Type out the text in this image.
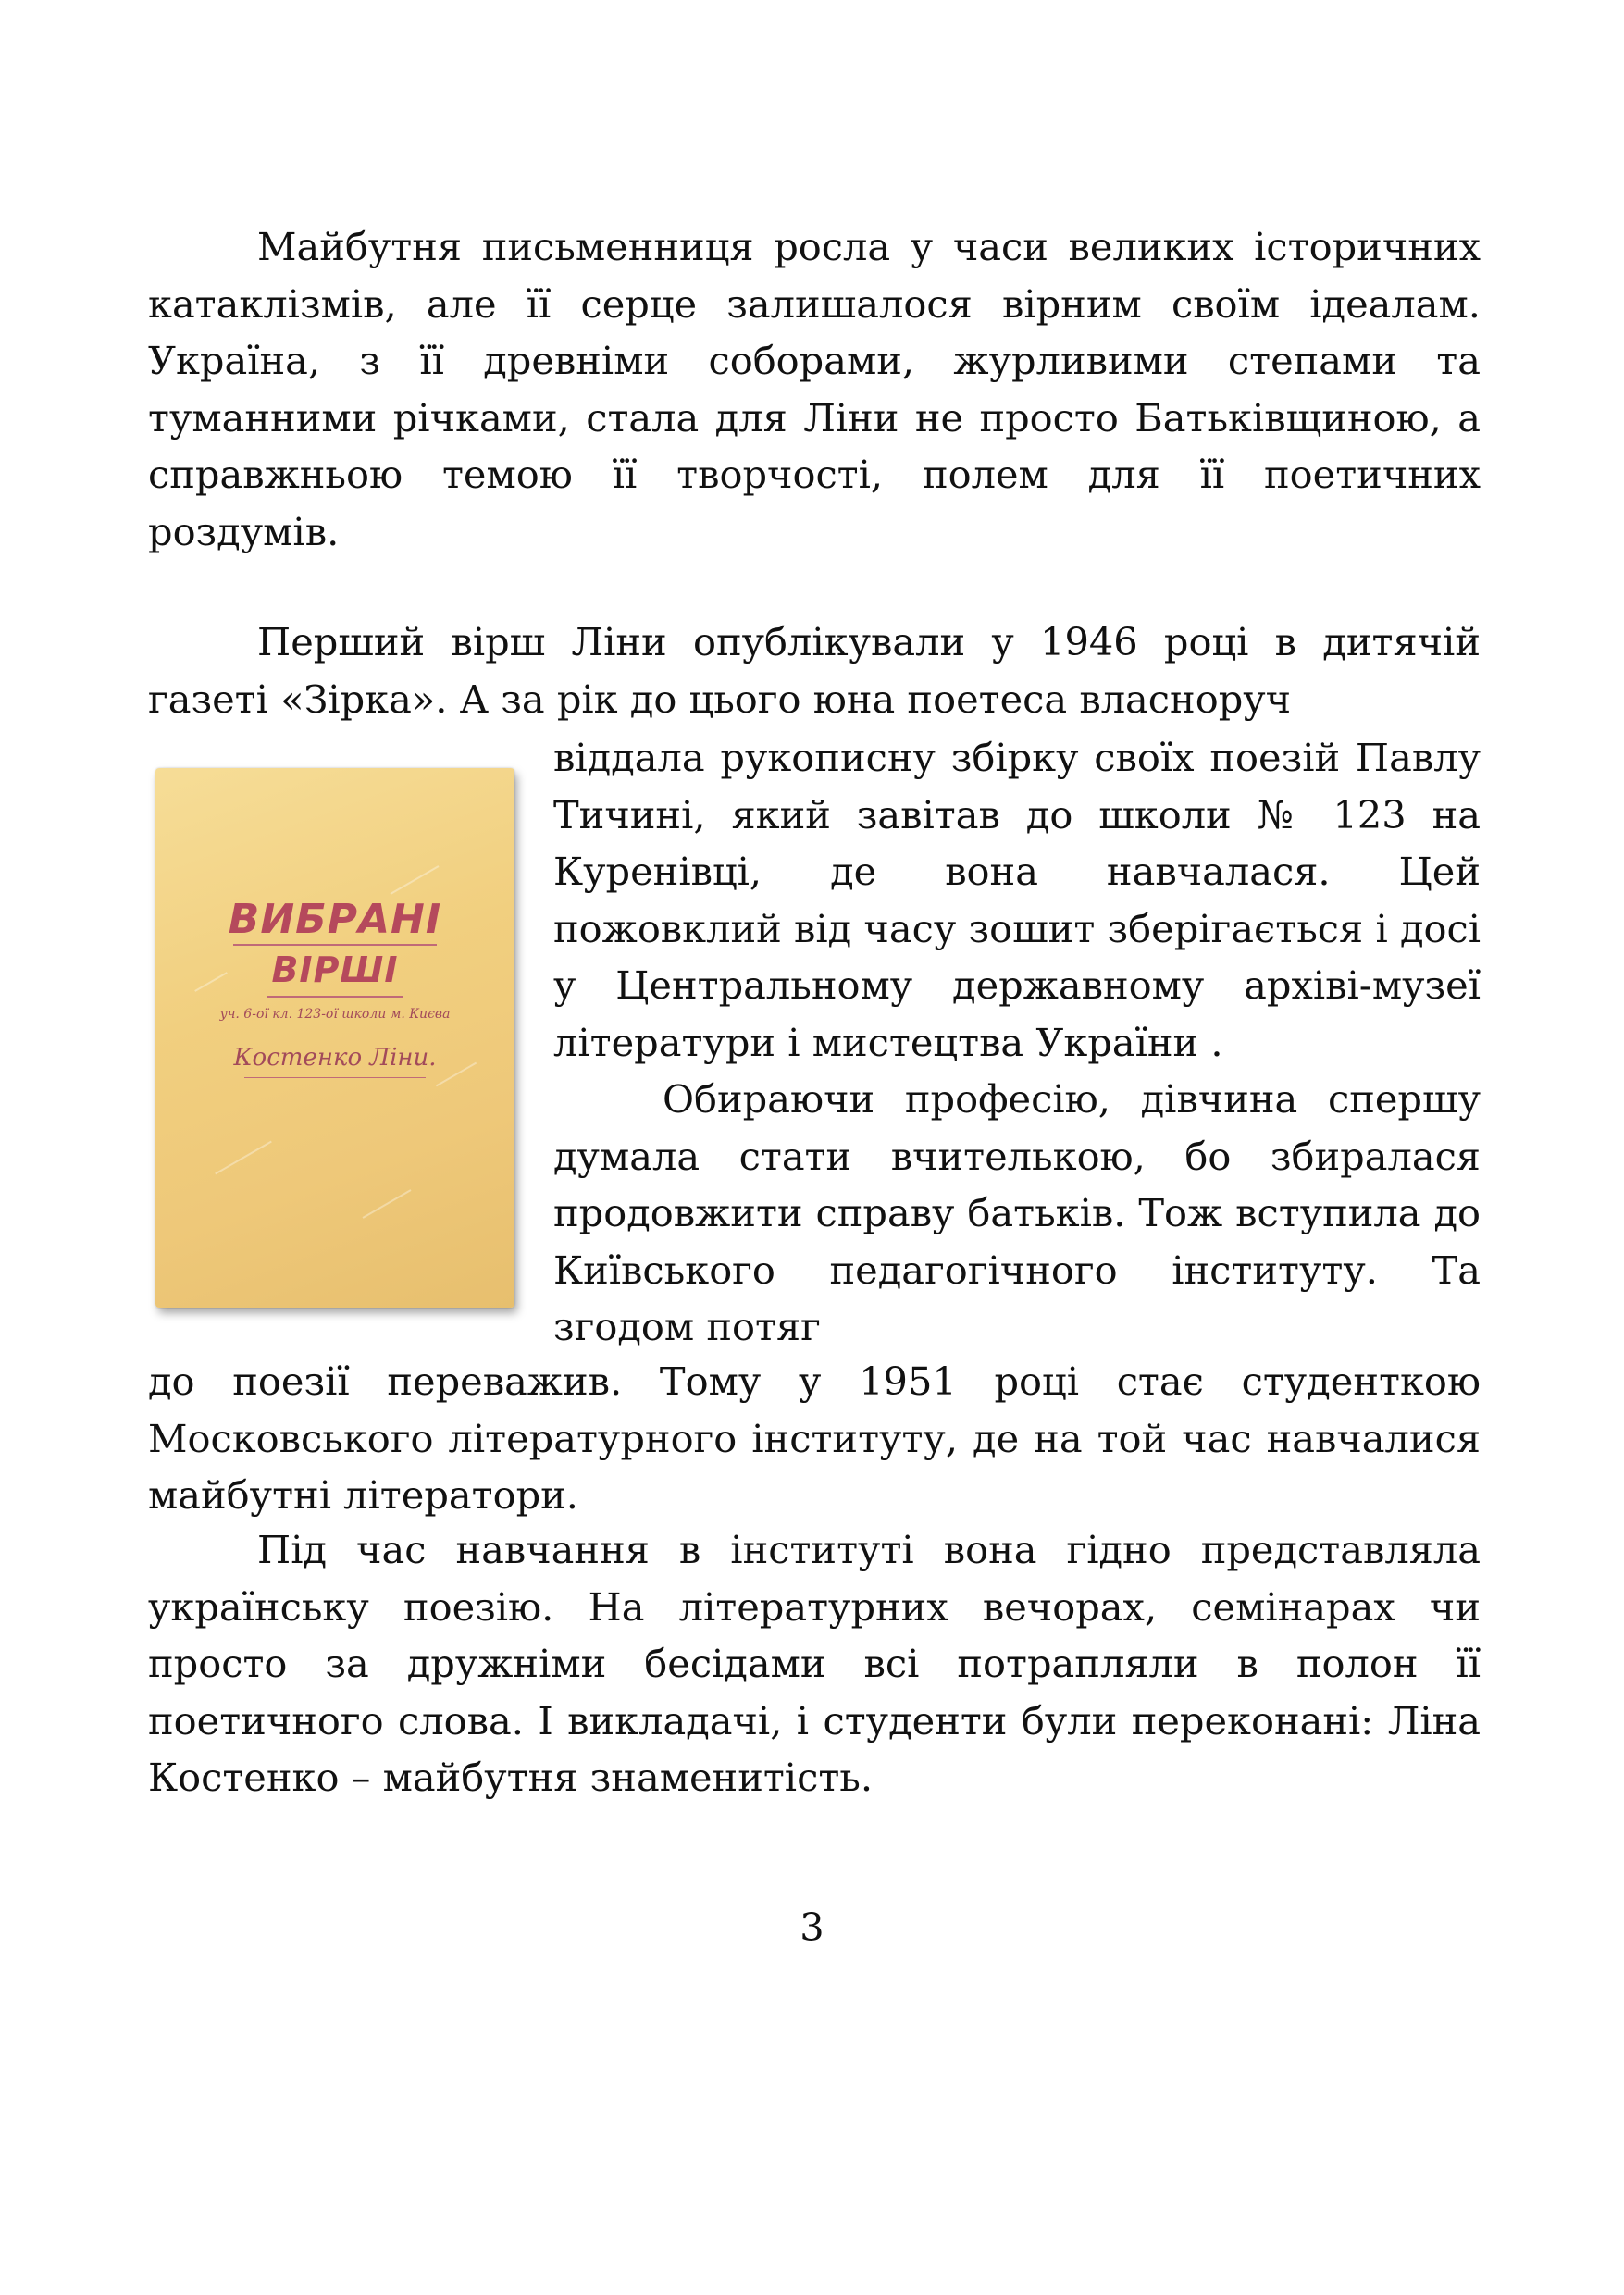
Майбутня письменниця росла у часи великих історичних катаклізмів, але її серце залишалося вірним своїм ідеалам. Україна, з її древніми соборами, журливими степами та туманними річками, стала для Ліни не просто Батьківщиною, а справжньою темою її творчості, полем для її поетичних роздумів.

Перший вірш Ліни опублікували у 1946 році в дитячій газеті «Зірка». А за рік до цього юна поетеса власноруч

ВИБРАНІ
ВІРШІ
уч. 6-ої кл. 123-ої школи м. Києва
Костенко Ліни.

віддала рукописну збірку своїх поезій Павлу Тичині, який завітав до школи № 123 на Куренівці, де вона навчалася. Цей пожовклий від часу зошит зберігається і досі у Центральному державному архіві-музеї літератури і мистецтва України .

Обираючи професію, дівчина спершу думала стати вчителькою, бо збиралася продовжити справу батьків. Тож вступила до Київського педагогічного інституту. Та згодом потяг

до поезії переважив. Тому у 1951 році стає студенткою Московського літературного інституту, де на той час навчалися майбутні літератори.

Під час навчання в інституті вона гідно представляла українську поезію. На літературних вечорах, семінарах чи просто за дружніми бесідами всі потрапляли в полон її поетичного слова. І викладачі, і студенти були переконані: Ліна Костенко – майбутня знаменитість.

3
